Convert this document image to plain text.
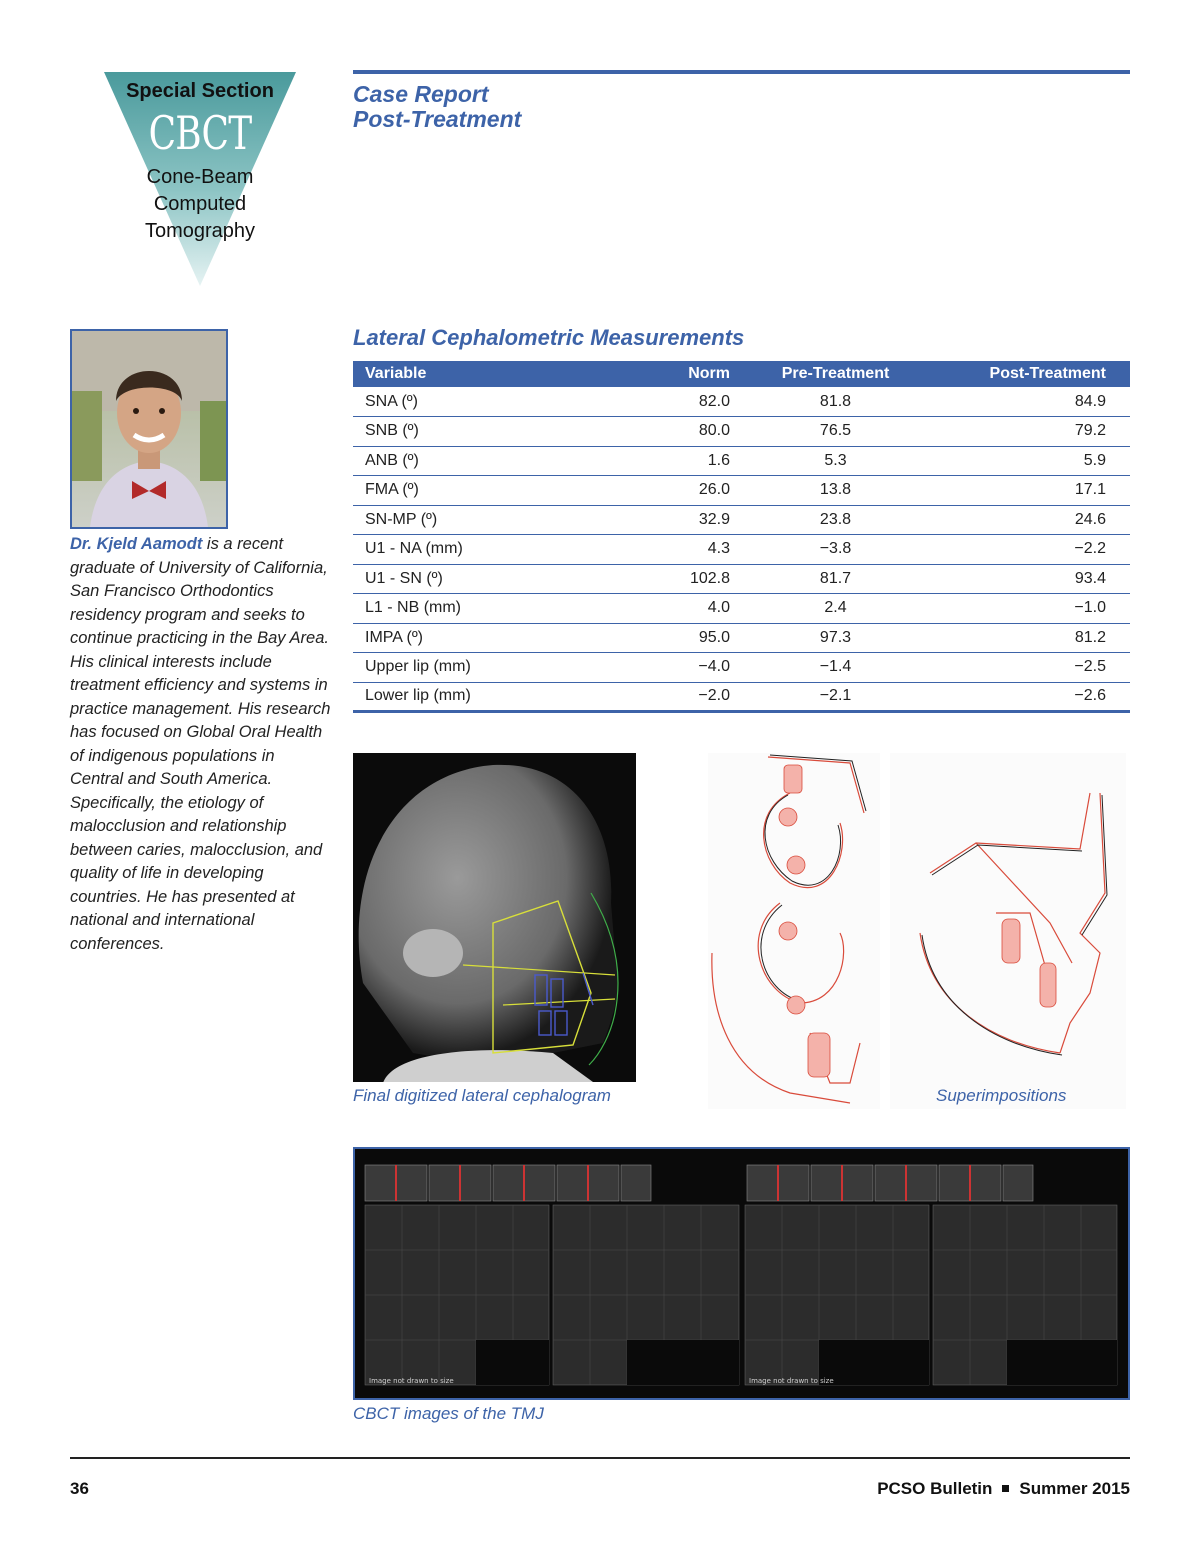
Special Section
CBCT
Cone-Beam
Computed
Tomography
Case Report
Post-Treatment
Dr. Kjeld Aamodt is a recent graduate of University of California, San Francisco Orthodontics residency program and seeks to continue practicing in the Bay Area. His clinical interests include treatment efficiency and systems in practice management. His research has focused on Global Oral Health of indigenous populations in Central and South America. Specifically, the etiology of malocclusion and relationship between caries, malocclusion, and quality of life in developing countries. He has presented at national and international conferences.
Lateral Cephalometric Measurements
Variable	Norm	Pre-Treatment	Post-Treatment
SNA (º)	82.0	81.8	84.9
SNB (º)	80.0	76.5	79.2
ANB (º)	1.6	5.3	5.9
FMA (º)	26.0	13.8	17.1
SN-MP (º)	32.9	23.8	24.6
U1 - NA (mm)	4.3	−3.8	−2.2
U1 - SN (º)	102.8	81.7	93.4
L1 - NB (mm)	4.0	2.4	−1.0
IMPA (º)	95.0	97.3	81.2
Upper lip (mm)	−4.0	−1.4	−2.5
Lower lip (mm)	−2.0	−2.1	−2.6
Final digitized lateral cephalogram	Superimpositions
Image not drawn to size	Image not drawn to size
CBCT images of the TMJ
36	PCSO Bulletin Summer 2015
